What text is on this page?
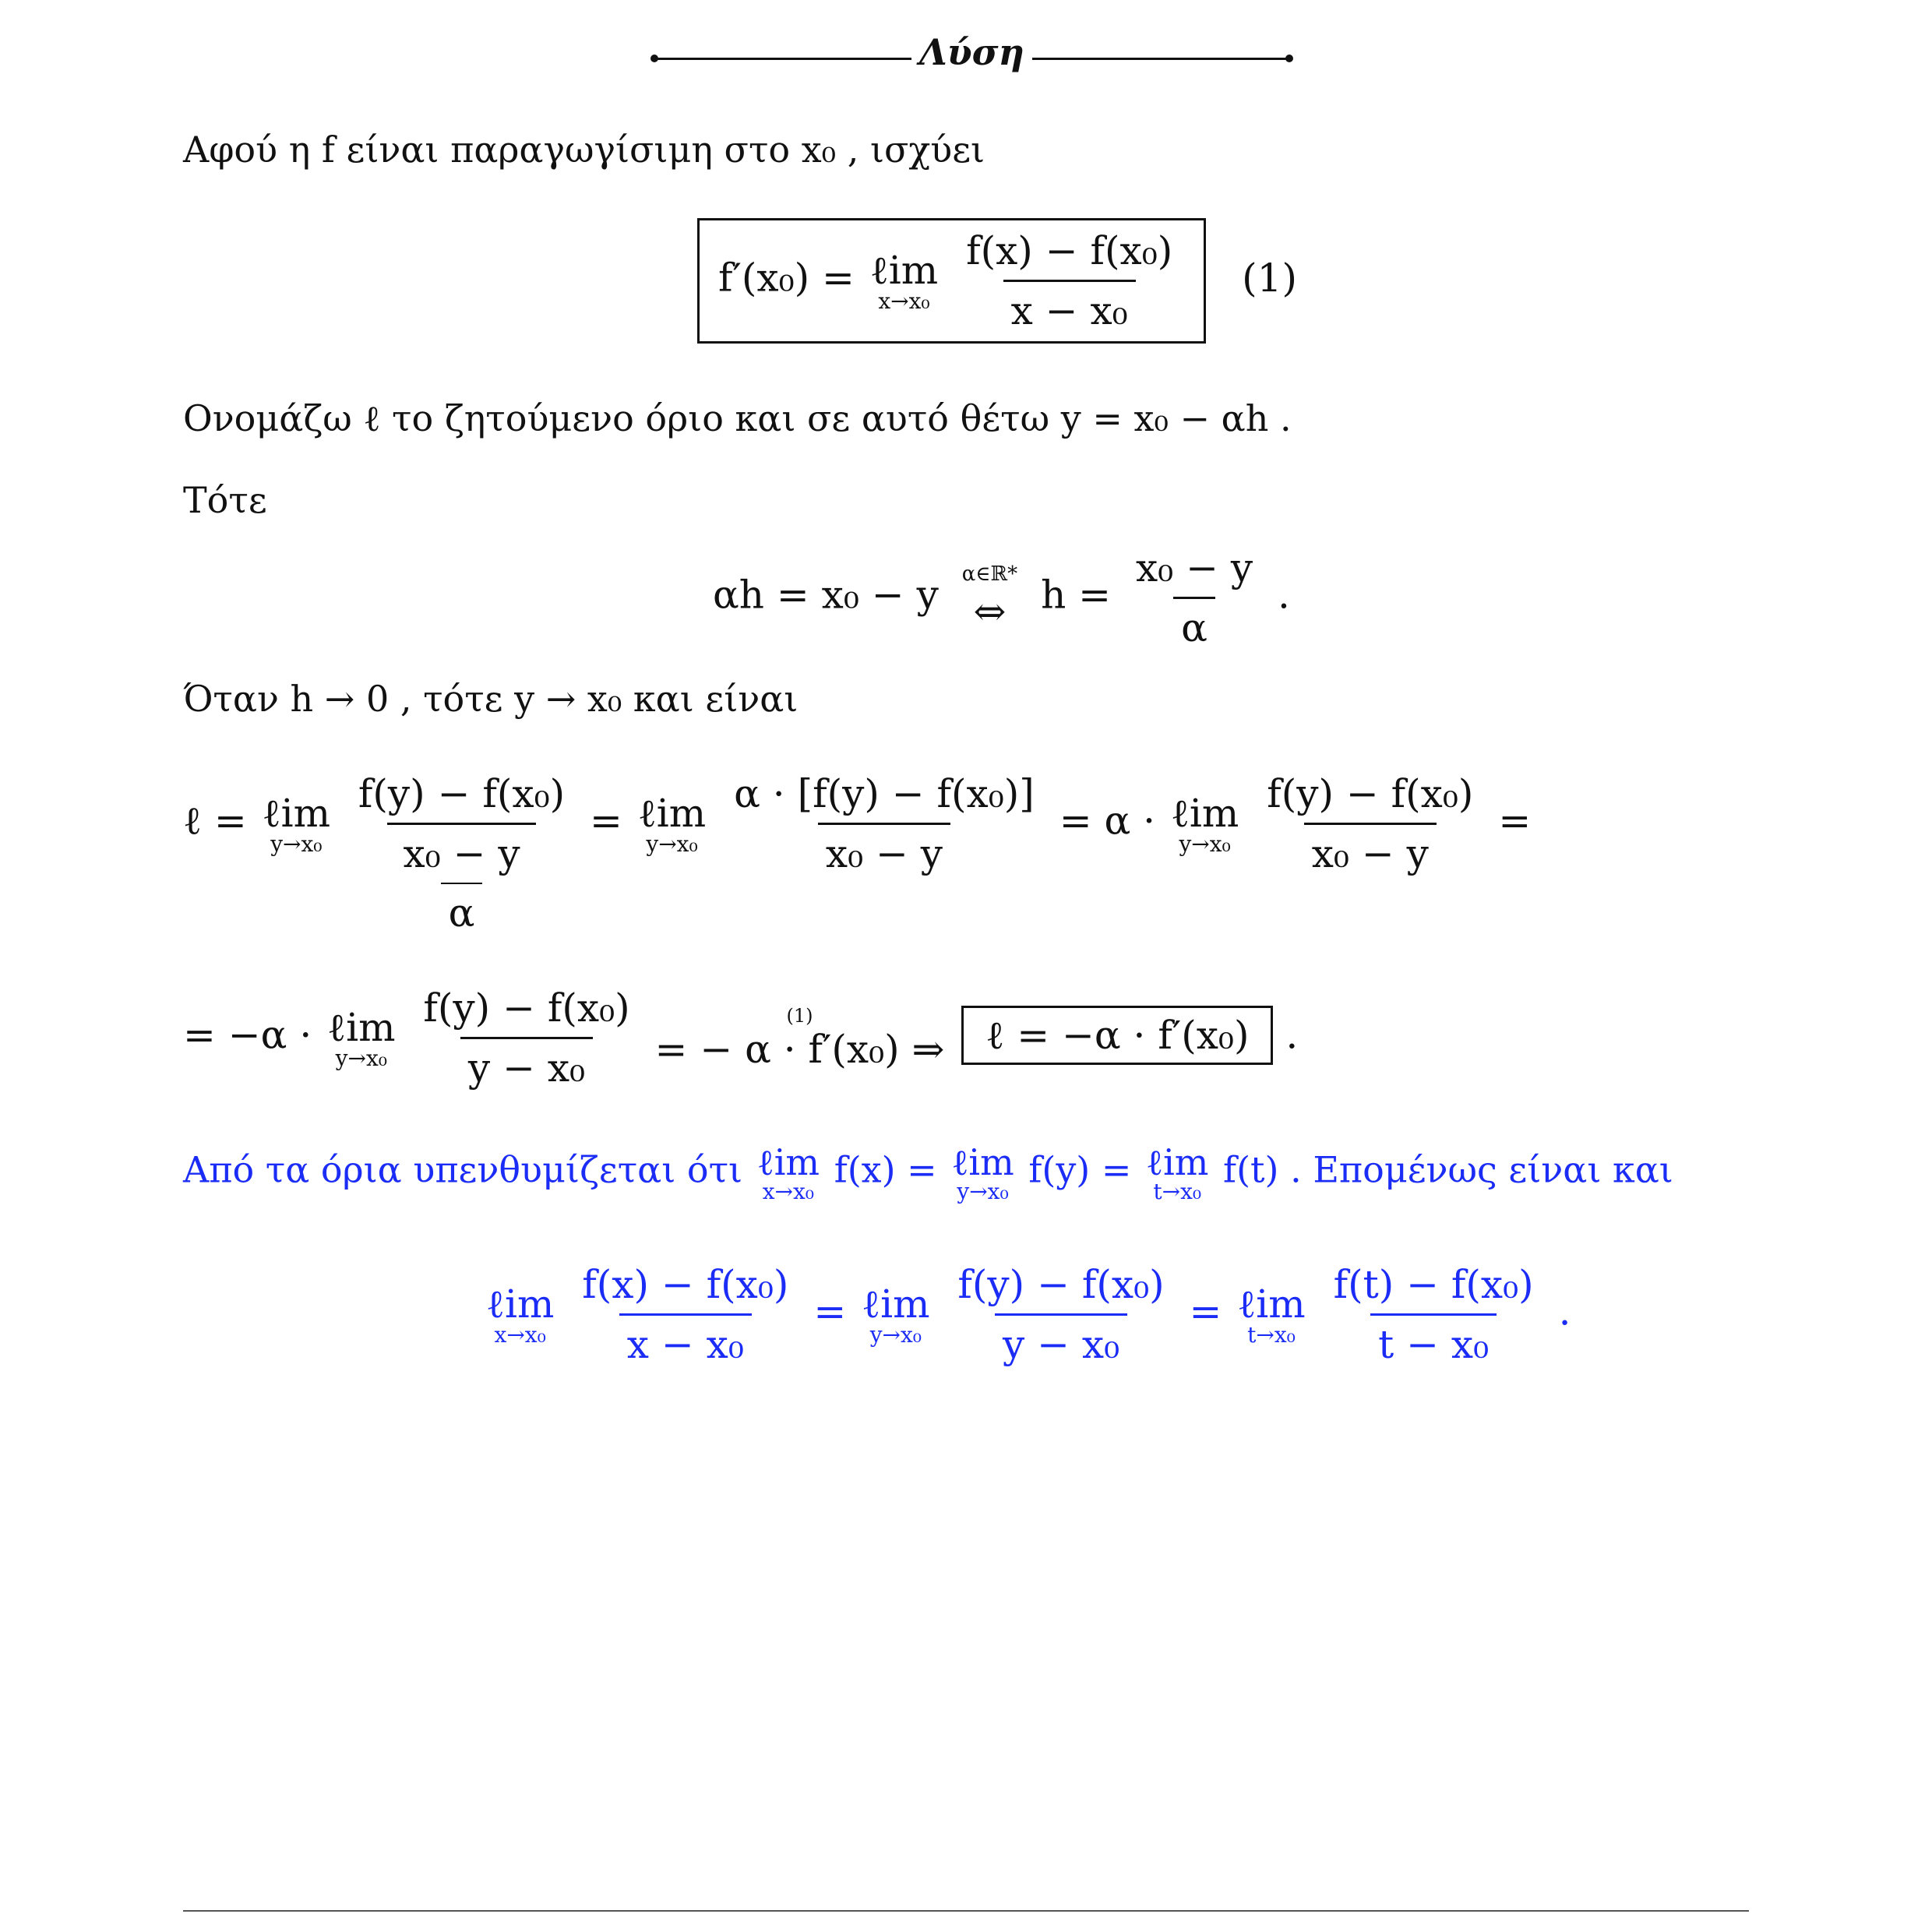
Λύση
Αφού η f είναι παραγωγίσιμη στο x₀ , ισχύει
f′(x₀) = ℓim
x→x₀
$\frac{\text{f(x) − f(x₀)}}{\text{x − x₀}} (1)$
Ονομάζω ℓ το ζητούμενο όριο και σε αυτό θέτω y = x₀ − αh .
Τότε
αh = x₀ − y α∈ℝ*
⇔ $h = \frac{\text{x₀ − y}}{\alpha}$ .
Όταν h → 0 , τότε y → x₀ και είναι
ℓ = ℓim
y→x₀
$\frac{\text{f(y) − f(x₀)}}{\frac{\text{x₀ − y}}{\alpha}}$ = ℓim
y→x₀
$\frac{\text{α · [f(y) − f(x₀)]}}{\text{x₀ − y}} = \alpha$ · ℓim
y→x₀
$\frac{\text{f(y) − f(x₀)}}{\text{x₀ − y}}$ =
= −α · ℓim
y→x₀
$\frac{\text{f(y) − f(x₀)}}{\text{y − x₀}}$
	(1)
= − α · f′(x₀) ⇒ ℓ = −α · f′(x₀) .
Από τα όρια υπενθυμίζεται ότι ℓim
x→x₀
f(x) = ℓim
y→x₀
f(y) = ℓim
t→x₀
f(t) . Επομένως είναι και
ℓim
x→x₀
$\frac{\text{f(x) − f(x₀)}}{\text{x − x₀}}$ = ℓim
y→x₀
$\frac{\text{f(y) − f(x₀)}}{\text{y − x₀}}$ = ℓim
t→x₀
$\frac{\text{f(t) − f(x₀)}}{\text{t − x₀}}$ .
